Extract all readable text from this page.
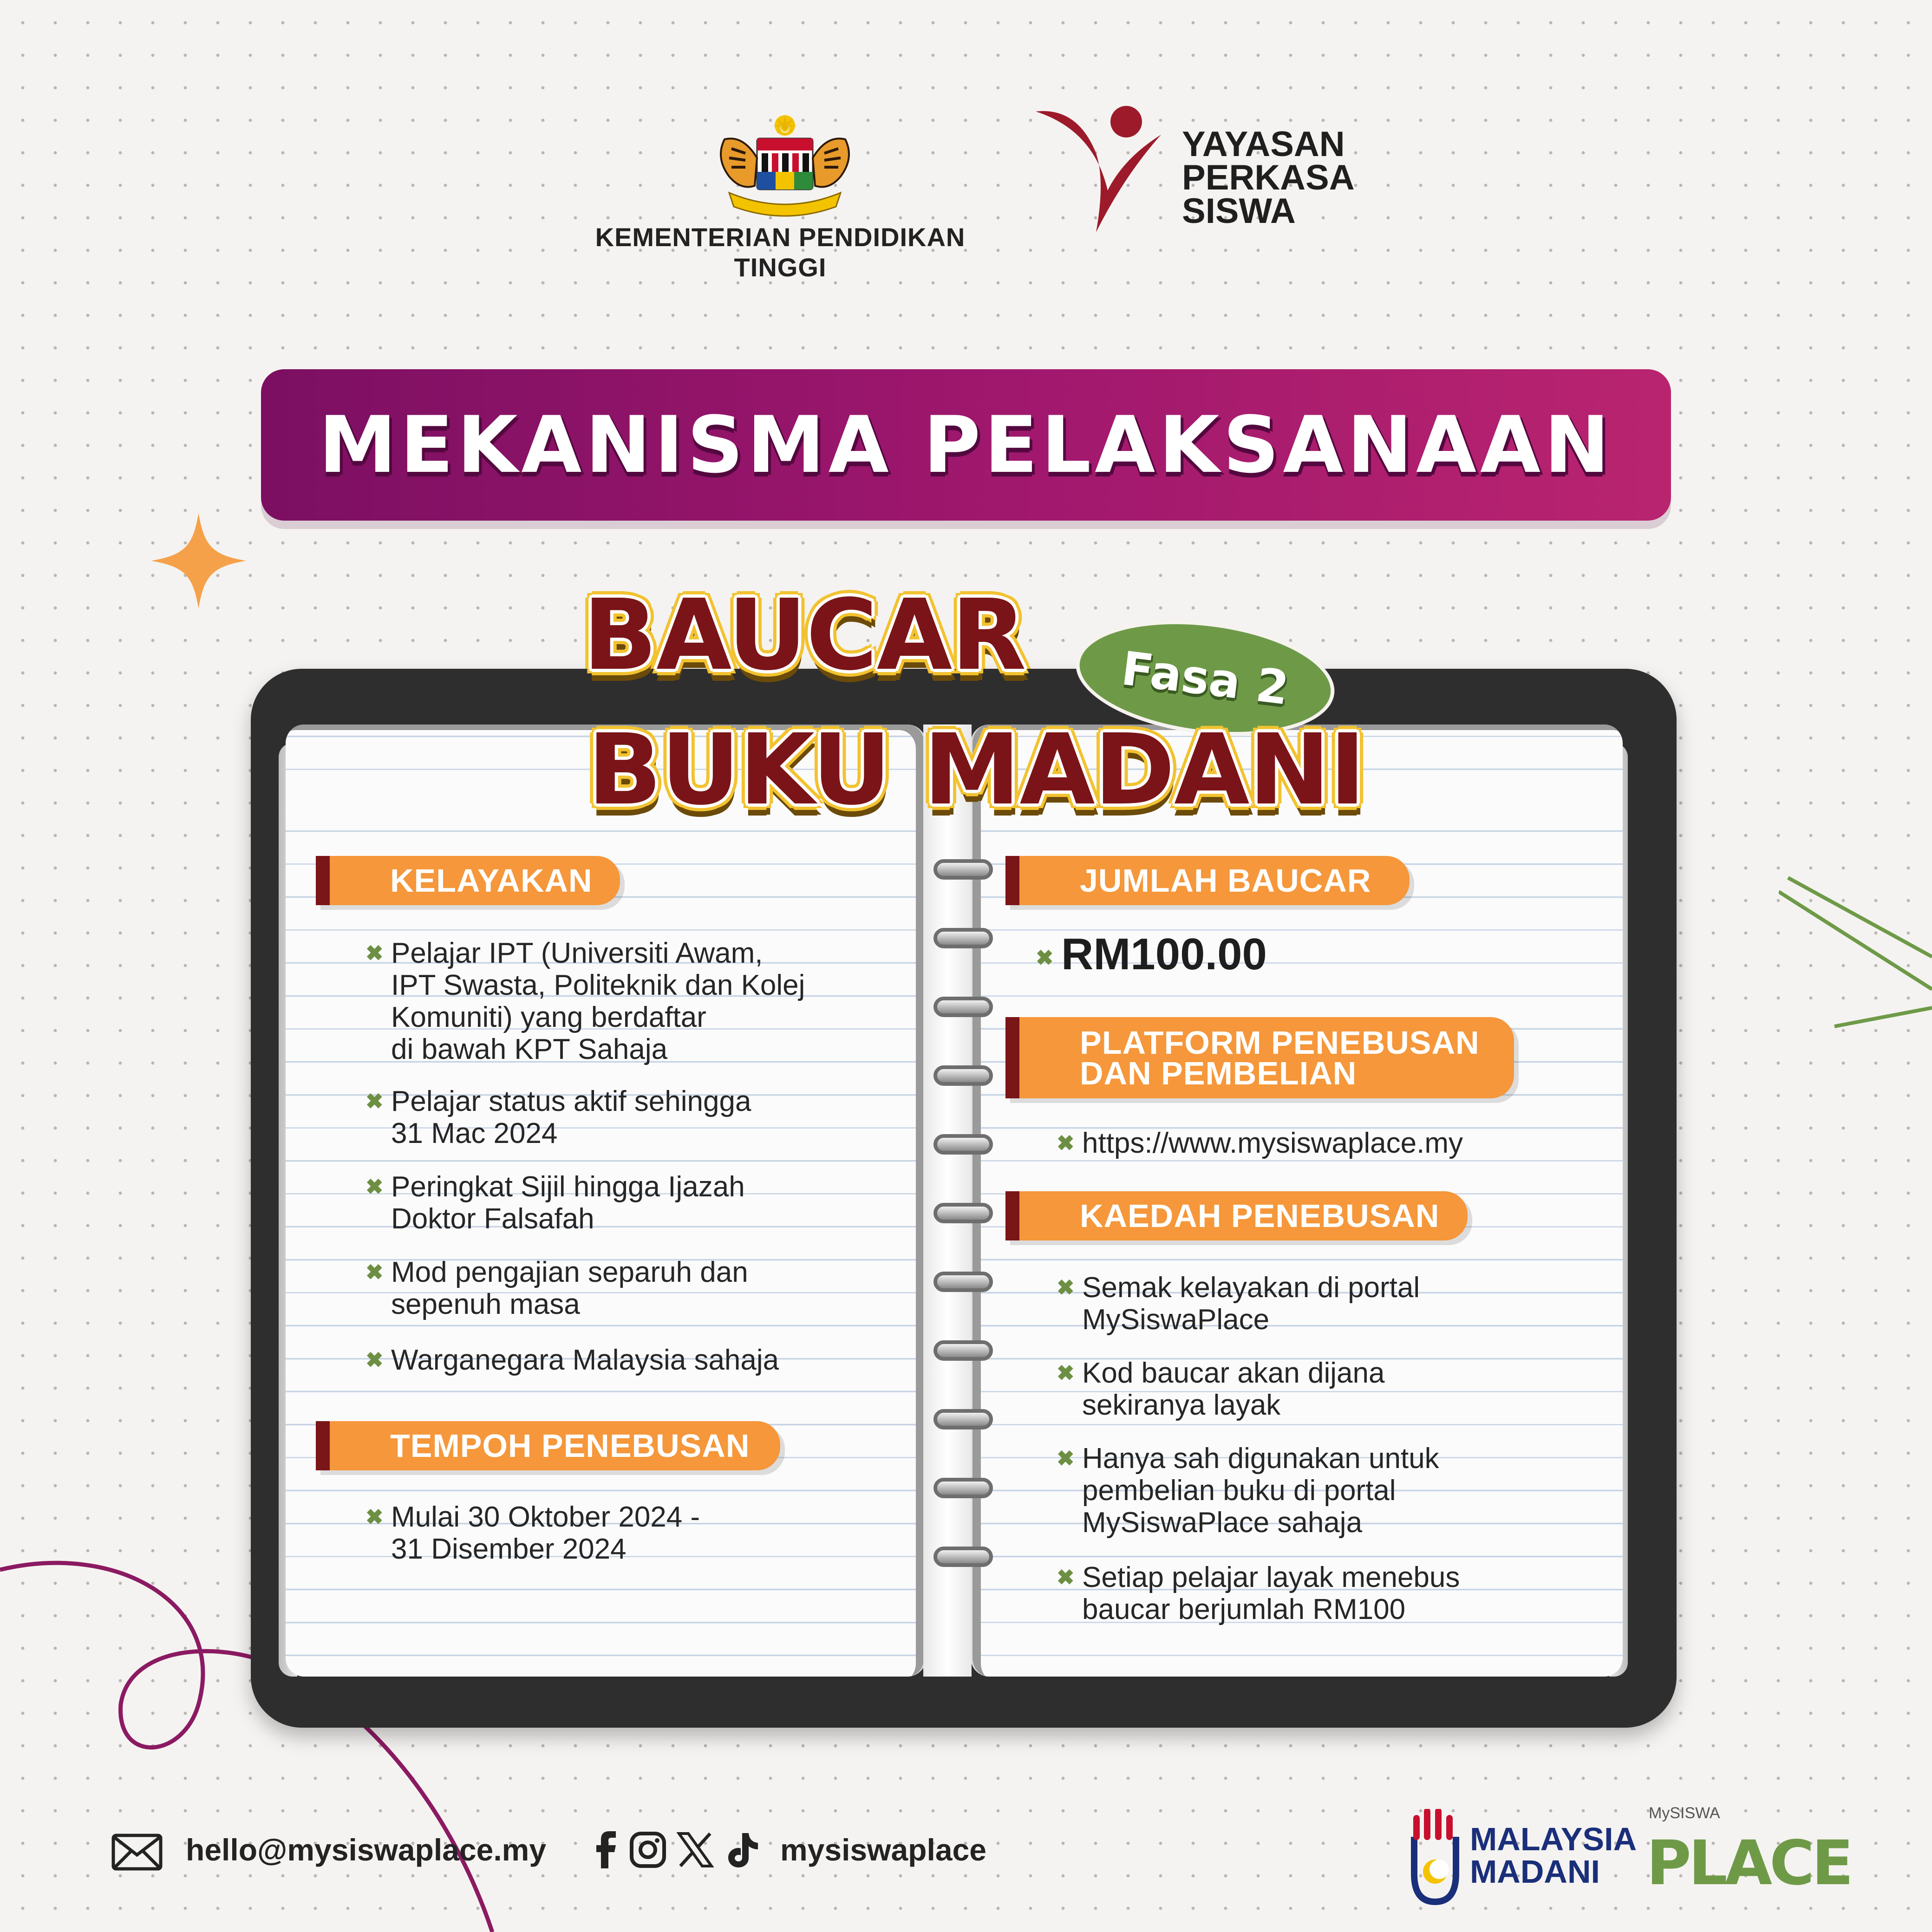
KEMENTERIAN PENDIDIKAN TINGGI
YAYASAN
PERKASA
SISWA
MEKANISMA PELAKSANAAN
BAUCAR Fasa 2
BUKU MADANI
KELAYAKAN
✖ Pelajar IPT (Universiti Awam,
IPT Swasta, Politeknik dan Kolej
Komuniti) yang berdaftar
di bawah KPT Sahaja
✖ Pelajar status aktif sehingga
31 Mac 2024
✖ Peringkat Sijil hingga Ijazah
Doktor Falsafah
✖ Mod pengajian separuh dan
sepenuh masa
✖ Warganegara Malaysia sahaja
TEMPOH PENEBUSAN
✖ Mulai 30 Oktober 2024 -
31 Disember 2024
JUMLAH BAUCAR
✖ RM100.00
PLATFORM PENEBUSAN
DAN PEMBELIAN
✖ https://www.mysiswaplace.my
KAEDAH PENEBUSAN
✖ Semak kelayakan di portal
MySiswaPlace
✖ Kod baucar akan dijana
sekiranya layak
✖ Hanya sah digunakan untuk
pembelian buku di portal
MySiswaPlace sahaja
✖ Setiap pelajar layak menebus
baucar berjumlah RM100
hello@mysiswaplace.my	mysiswaplace	MALAYSIA
MADANI
MySISWA
PLACE
